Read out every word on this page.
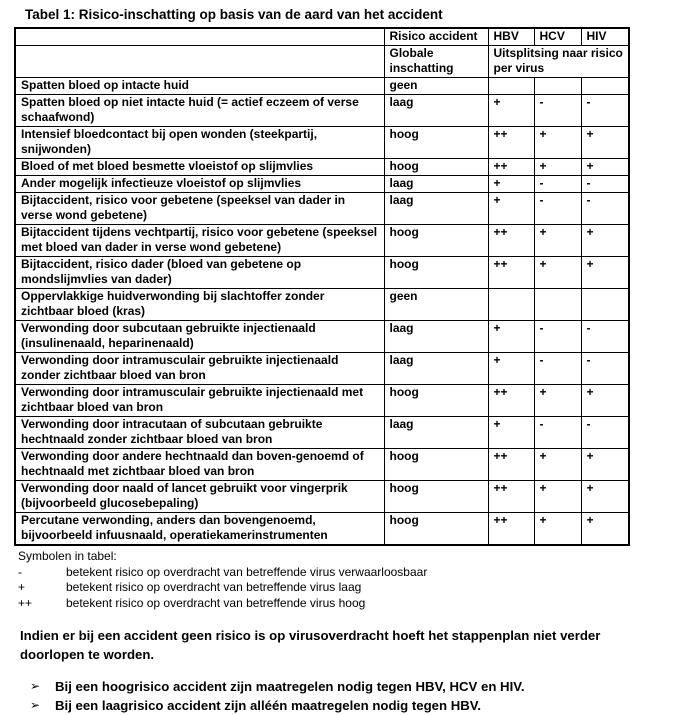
Tabel 1: Risico-inschatting op basis van de aard van het accident

	Risico accident	HBV	HCV	HIV
	Globale inschatting	Uitsplitsing naar risico per virus		
Spatten bloed op intacte huid	geen			
Spatten bloed op niet intacte huid (= actief eczeem of verse schaafwond)	laag	+	-	-
Intensief bloedcontact bij open wonden (steekpartij, snijwonden)	hoog	++	+	+
Bloed of met bloed besmette vloeistof op slijmvlies	hoog	++	+	+
Ander mogelijk infectieuze vloeistof op slijmvlies	laag	+	-	-
Bijtaccident, risico voor gebetene (speeksel van dader in verse wond gebetene)	laag	+	-	-
Bijtaccident tijdens vechtpartij, risico voor gebetene (speeksel met bloed van dader in verse wond gebetene)	hoog	++	+	+
Bijtaccident, risico dader (bloed van gebetene op mondslijmvlies van dader)	hoog	++	+	+
Oppervlakkige huidverwonding bij slachtoffer zonder zichtbaar bloed (kras)	geen			
Verwonding door subcutaan gebruikte injectienaald (insulinenaald, heparinenaald)	laag	+	-	-
Verwonding door intramusculair gebruikte injectienaald zonder zichtbaar bloed van bron	laag	+	-	-
Verwonding door intramusculair gebruikte injectienaald met zichtbaar bloed van bron	hoog	++	+	+
Verwonding door intracutaan of subcutaan gebruikte hechtnaald zonder zichtbaar bloed van bron	laag	+	-	-
Verwonding door andere hechtnaald dan boven-genoemd of hechtnaald met zichtbaar bloed van bron	hoog	++	+	+
Verwonding door naald of lancet gebruikt voor vingerprik (bijvoorbeeld glucosebepaling)	hoog	++	+	+
Percutane verwonding, anders dan bovengenoemd, bijvoorbeeld infuusnaald, operatiekamerinstrumenten	hoog	++	+	+
Symbolen in tabel:
-	betekent risico op overdracht van betreffende virus verwaarloosbaar
+	betekent risico op overdracht van betreffende virus laag
++	betekent risico op overdracht van betreffende virus hoog

Indien er bij een accident geen risico is op virusoverdracht hoeft het stappenplan niet verder doorlopen te worden.

➢	Bij een hoogrisico accident zijn maatregelen nodig tegen HBV, HCV en HIV.
➢	Bij een laagrisico accident zijn alléén maatregelen nodig tegen HBV.
